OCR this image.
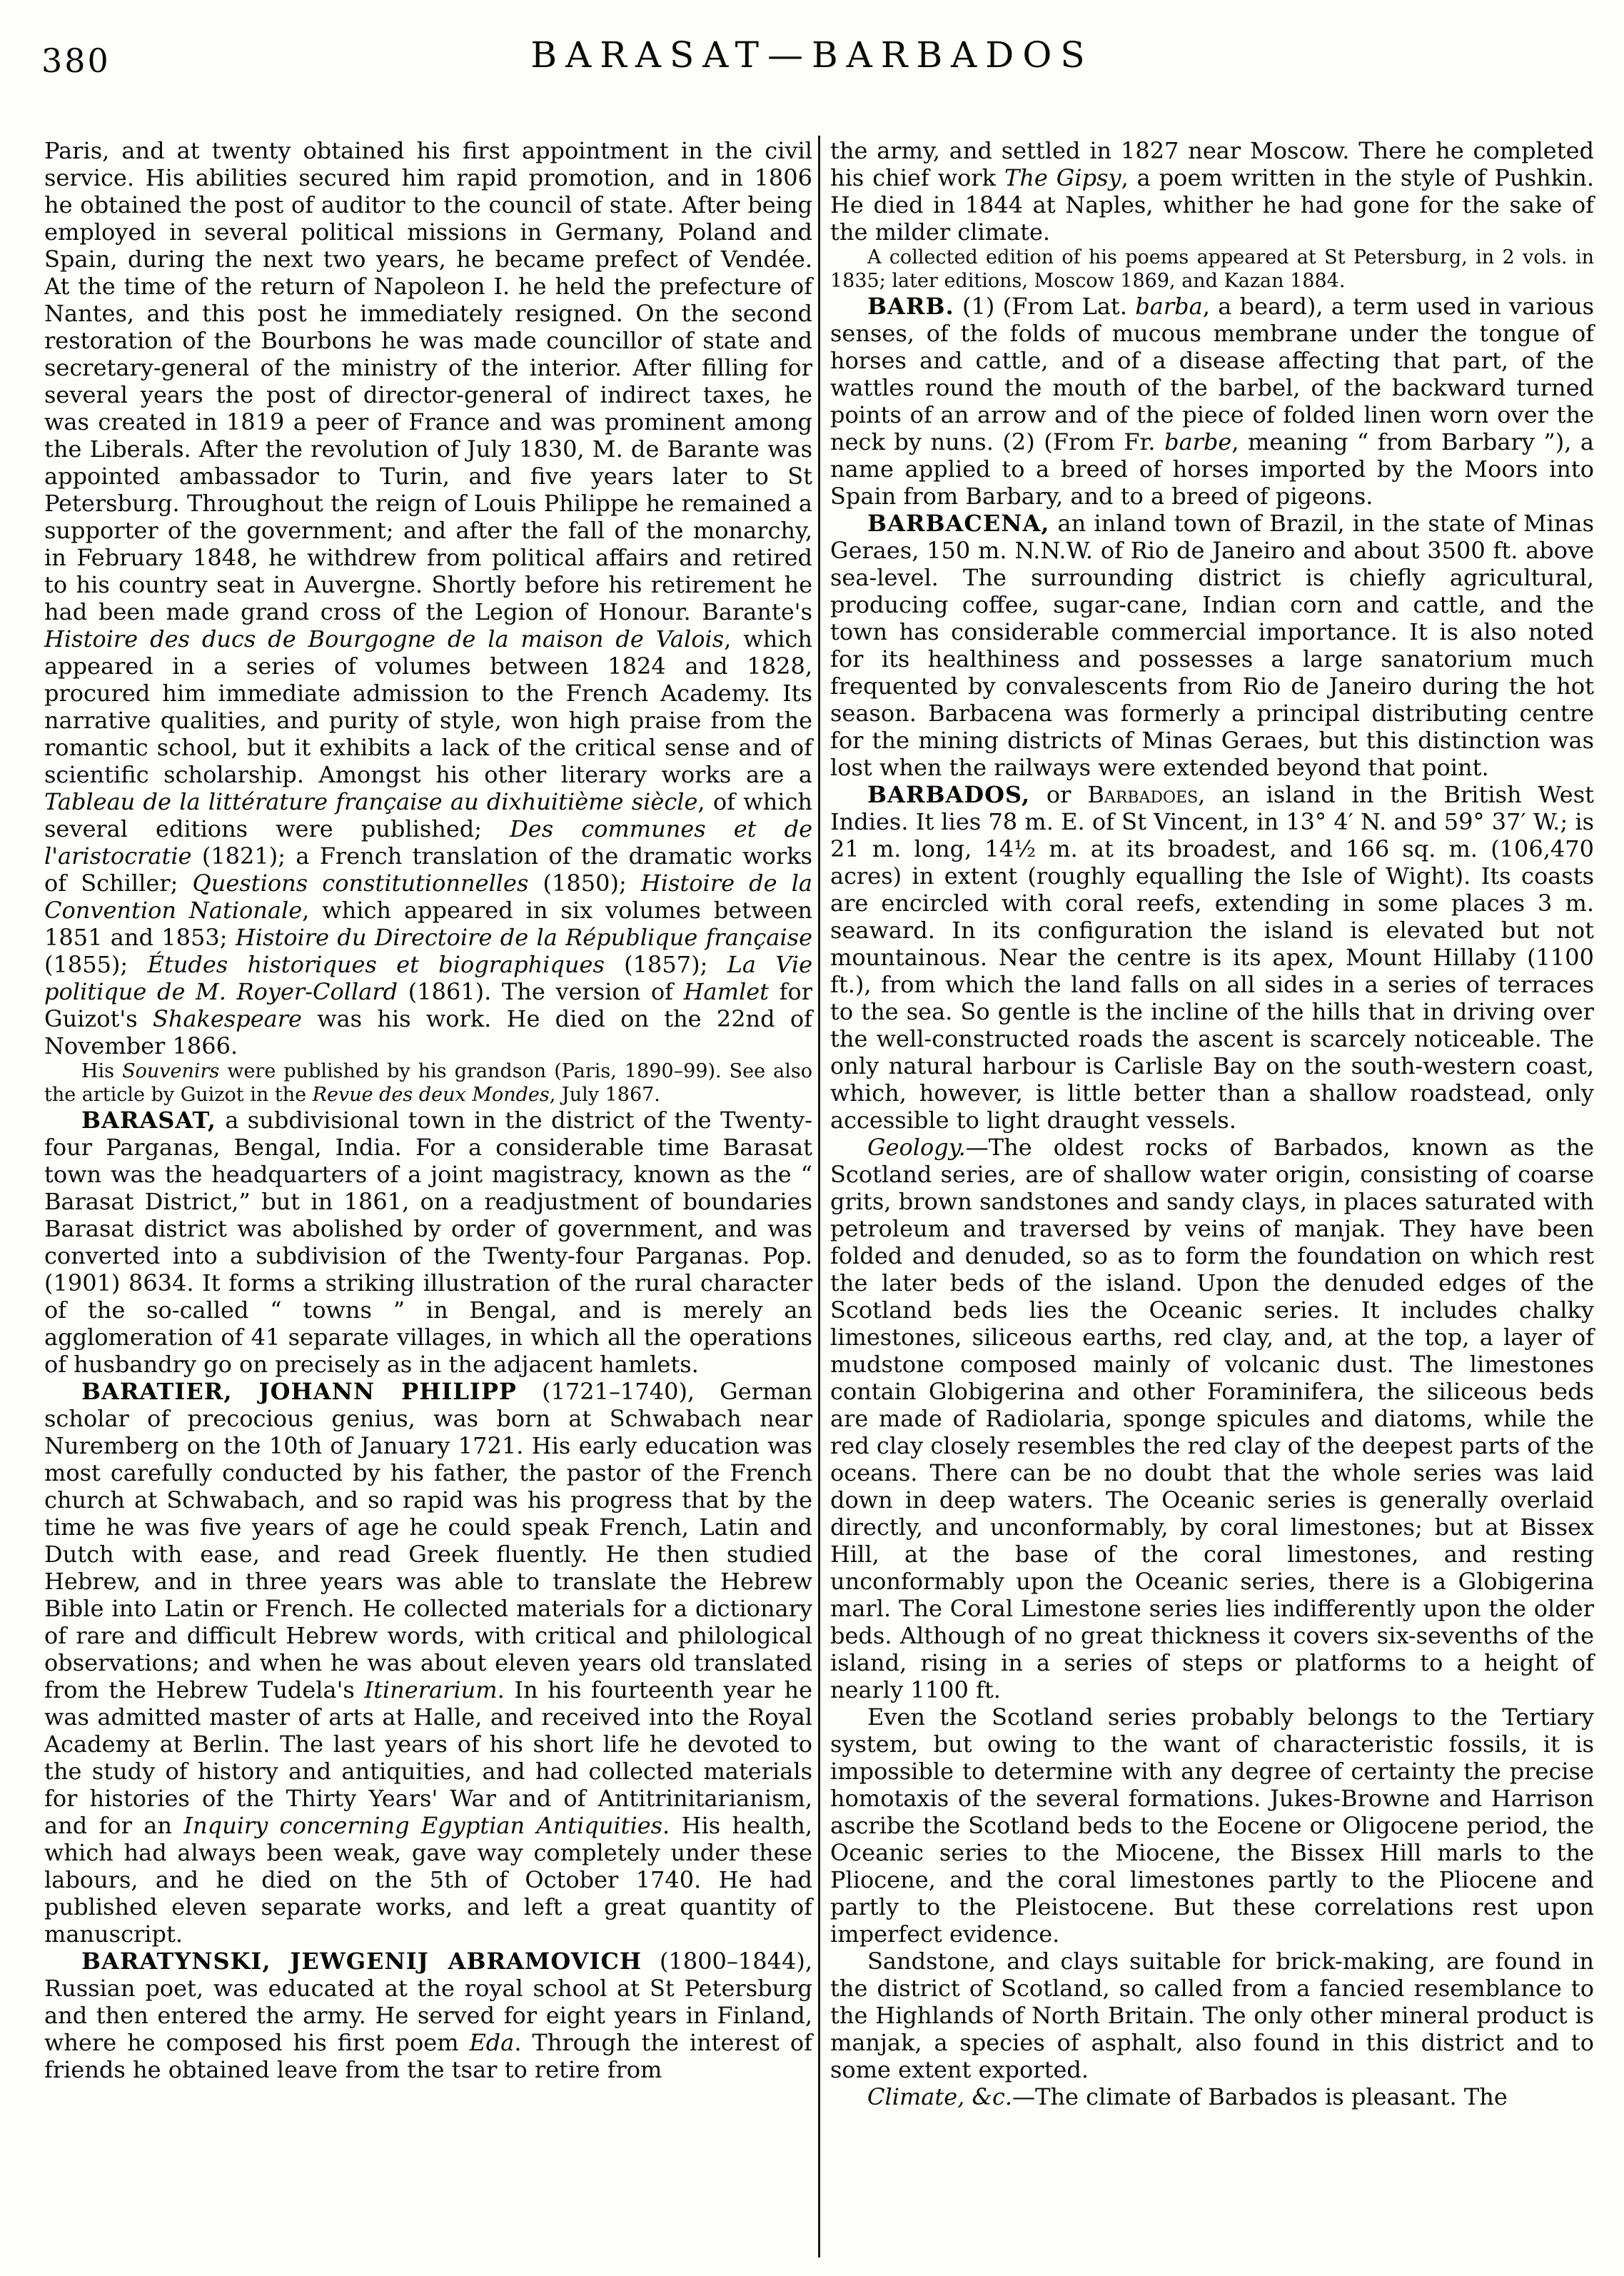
380	BARASAT—BARBADOS

Paris, and at twenty obtained his first appointment in the civil service. His abilities secured him rapid promotion, and in 1806 he obtained the post of auditor to the council of state. After being employed in several political missions in Germany, Poland and Spain, during the next two years, he became prefect of Vendée. At the time of the return of Napoleon I. he held the prefecture of Nantes, and this post he immediately resigned. On the second restoration of the Bourbons he was made councillor of state and secretary-general of the ministry of the interior. After filling for several years the post of director-general of indirect taxes, he was created in 1819 a peer of France and was prominent among the Liberals. After the revolution of July 1830, M. de Barante was appointed ambassador to Turin, and five years later to St Petersburg. Throughout the reign of Louis Philippe he remained a supporter of the government; and after the fall of the monarchy, in February 1848, he withdrew from political affairs and retired to his country seat in Auvergne. Shortly before his retirement he had been made grand cross of the Legion of Honour. Barante's Histoire des ducs de Bourgogne de la maison de Valois, which appeared in a series of volumes between 1824 and 1828, procured him immediate admission to the French Academy. Its narrative qualities, and purity of style, won high praise from the romantic school, but it exhibits a lack of the critical sense and of scientific scholarship. Amongst his other literary works are a Tableau de la littérature française au dixhuitième siècle, of which several editions were published; Des communes et de l'aristocratie (1821); a French translation of the dramatic works of Schiller; Questions constitutionnelles (1850); Histoire de la Convention Nationale, which appeared in six volumes between 1851 and 1853; Histoire du Directoire de la République française (1855); Études historiques et biographiques (1857); La Vie politique de M. Royer-Collard (1861). The version of Hamlet for Guizot's Shakespeare was his work. He died on the 22nd of November 1866.

His Souvenirs were published by his grandson (Paris, 1890–99). See also the article by Guizot in the Revue des deux Mondes, July 1867.

BARASAT, a subdivisional town in the district of the Twenty-four Parganas, Bengal, India. For a considerable time Barasat town was the headquarters of a joint magistracy, known as the “ Barasat District,” but in 1861, on a readjustment of boundaries Barasat district was abolished by order of government, and was converted into a subdivision of the Twenty-four Parganas. Pop. (1901) 8634. It forms a striking illustration of the rural character of the so-called “ towns ” in Bengal, and is merely an agglomeration of 41 separate villages, in which all the operations of husbandry go on precisely as in the adjacent hamlets.

BARATIER, JOHANN PHILIPP (1721–1740), German scholar of precocious genius, was born at Schwabach near Nuremberg on the 10th of January 1721. His early education was most carefully conducted by his father, the pastor of the French church at Schwabach, and so rapid was his progress that by the time he was five years of age he could speak French, Latin and Dutch with ease, and read Greek fluently. He then studied Hebrew, and in three years was able to translate the Hebrew Bible into Latin or French. He collected materials for a dictionary of rare and difficult Hebrew words, with critical and philological observations; and when he was about eleven years old translated from the Hebrew Tudela's Itinerarium. In his fourteenth year he was admitted master of arts at Halle, and received into the Royal Academy at Berlin. The last years of his short life he devoted to the study of history and antiquities, and had collected materials for histories of the Thirty Years' War and of Antitrinitarianism, and for an Inquiry concerning Egyptian Antiquities. His health, which had always been weak, gave way completely under these labours, and he died on the 5th of October 1740. He had published eleven separate works, and left a great quantity of manuscript.

BARATYNSKI, JEWGENIJ ABRAMOVICH (1800–1844), Russian poet, was educated at the royal school at St Petersburg and then entered the army. He served for eight years in Finland, where he composed his first poem Eda. Through the interest of friends he obtained leave from the tsar to retire from

the army, and settled in 1827 near Moscow. There he completed his chief work The Gipsy, a poem written in the style of Pushkin. He died in 1844 at Naples, whither he had gone for the sake of the milder climate.

A collected edition of his poems appeared at St Petersburg, in 2 vols. in 1835; later editions, Moscow 1869, and Kazan 1884.

BARB. (1) (From Lat. barba, a beard), a term used in various senses, of the folds of mucous membrane under the tongue of horses and cattle, and of a disease affecting that part, of the wattles round the mouth of the barbel, of the backward turned points of an arrow and of the piece of folded linen worn over the neck by nuns. (2) (From Fr. barbe, meaning “ from Barbary ”), a name applied to a breed of horses imported by the Moors into Spain from Barbary, and to a breed of pigeons.

BARBACENA, an inland town of Brazil, in the state of Minas Geraes, 150 m. N.N.W. of Rio de Janeiro and about 3500 ft. above sea-level. The surrounding district is chiefly agricultural, producing coffee, sugar-cane, Indian corn and cattle, and the town has considerable commercial importance. It is also noted for its healthiness and possesses a large sanatorium much frequented by convalescents from Rio de Janeiro during the hot season. Barbacena was formerly a principal distributing centre for the mining districts of Minas Geraes, but this distinction was lost when the railways were extended beyond that point.

BARBADOS, or Barbadoes, an island in the British West Indies. It lies 78 m. E. of St Vincent, in 13° 4′ N. and 59° 37′ W.; is 21 m. long, 14½ m. at its broadest, and 166 sq. m. (106,470 acres) in extent (roughly equalling the Isle of Wight). Its coasts are encircled with coral reefs, extending in some places 3 m. seaward. In its configuration the island is elevated but not mountainous. Near the centre is its apex, Mount Hillaby (1100 ft.), from which the land falls on all sides in a series of terraces to the sea. So gentle is the incline of the hills that in driving over the well-constructed roads the ascent is scarcely noticeable. The only natural harbour is Carlisle Bay on the south-western coast, which, however, is little better than a shallow roadstead, only accessible to light draught vessels.

Geology.—The oldest rocks of Barbados, known as the Scotland series, are of shallow water origin, consisting of coarse grits, brown sandstones and sandy clays, in places saturated with petroleum and traversed by veins of manjak. They have been folded and denuded, so as to form the foundation on which rest the later beds of the island. Upon the denuded edges of the Scotland beds lies the Oceanic series. It includes chalky limestones, siliceous earths, red clay, and, at the top, a layer of mudstone composed mainly of volcanic dust. The limestones contain Globigerina and other Foraminifera, the siliceous beds are made of Radiolaria, sponge spicules and diatoms, while the red clay closely resembles the red clay of the deepest parts of the oceans. There can be no doubt that the whole series was laid down in deep waters. The Oceanic series is generally overlaid directly, and unconformably, by coral limestones; but at Bissex Hill, at the base of the coral limestones, and resting unconformably upon the Oceanic series, there is a Globigerina marl. The Coral Limestone series lies indifferently upon the older beds. Although of no great thickness it covers six-sevenths of the island, rising in a series of steps or platforms to a height of nearly 1100 ft.

Even the Scotland series probably belongs to the Tertiary system, but owing to the want of characteristic fossils, it is impossible to determine with any degree of certainty the precise homotaxis of the several formations. Jukes-Browne and Harrison ascribe the Scotland beds to the Eocene or Oligocene period, the Oceanic series to the Miocene, the Bissex Hill marls to the Pliocene, and the coral limestones partly to the Pliocene and partly to the Pleistocene. But these correlations rest upon imperfect evidence.

Sandstone, and clays suitable for brick-making, are found in the district of Scotland, so called from a fancied resemblance to the Highlands of North Britain. The only other mineral product is manjak, a species of asphalt, also found in this district and to some extent exported.

Climate, &c.—The climate of Barbados is pleasant. The
